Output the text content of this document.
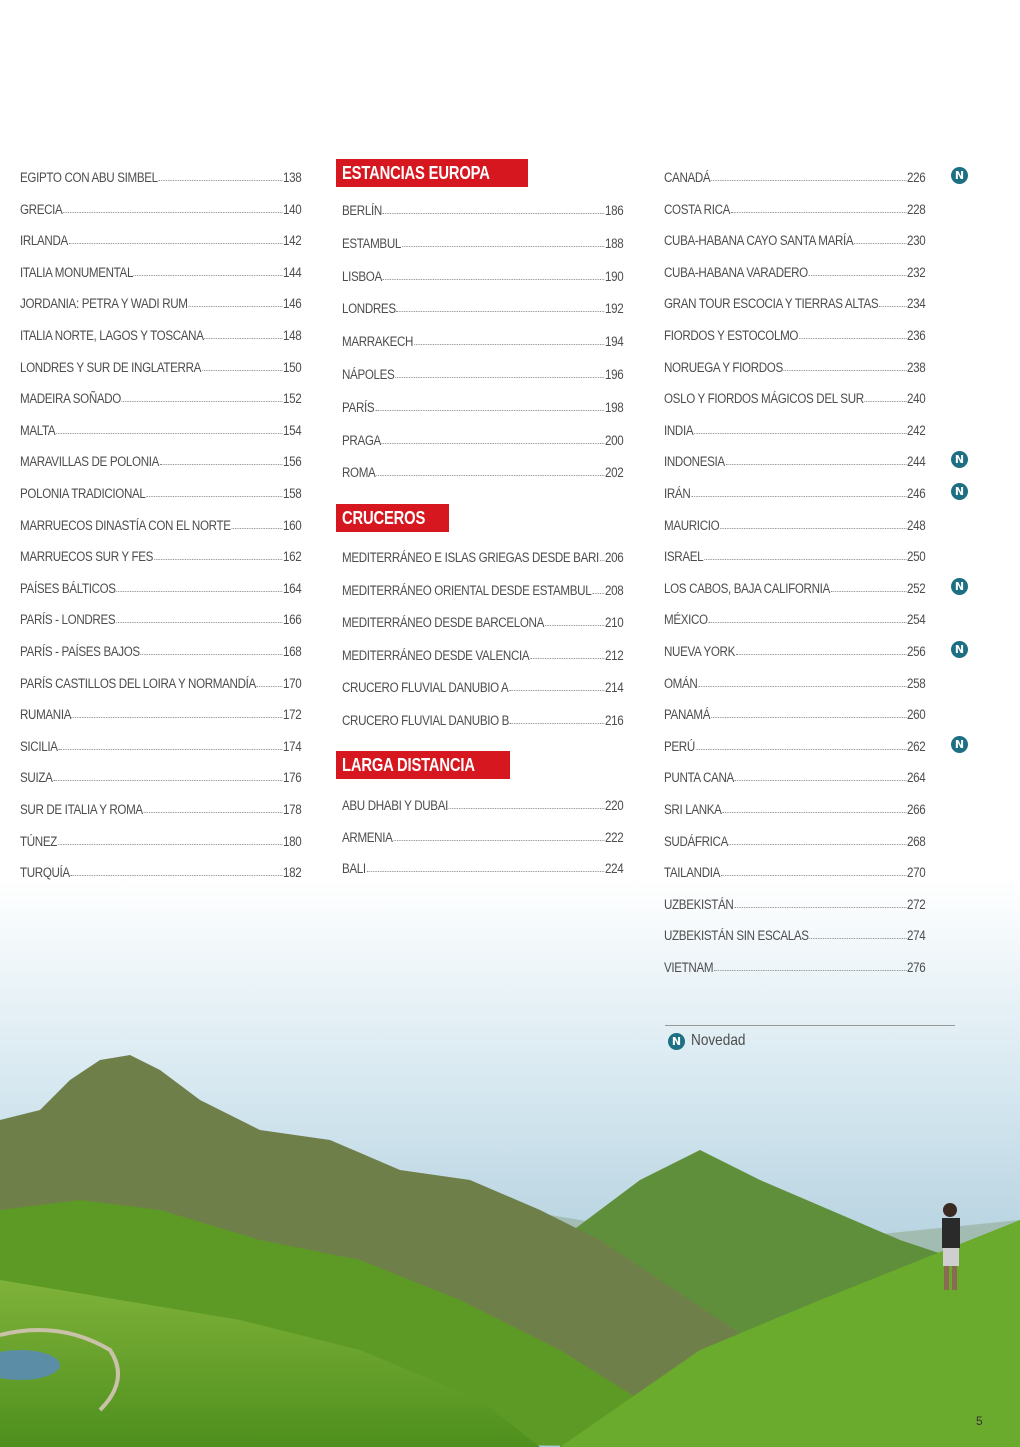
EGIPTO CON ABU SIMBEL	138
GRECIA	140
IRLANDA	142
ITALIA MONUMENTAL	144
JORDANIA: PETRA Y WADI RUM	146
ITALIA NORTE, LAGOS Y TOSCANA	148
LONDRES Y SUR DE INGLATERRA	150
MADEIRA SOÑADO	152
MALTA	154
MARAVILLAS DE POLONIA	156
POLONIA TRADICIONAL	158
MARRUECOS DINASTÍA CON EL NORTE	160
MARRUECOS SUR Y FES	162
PAÍSES BÁLTICOS	164
PARÍS - LONDRES	166
PARÍS - PAÍSES BAJOS	168
PARÍS CASTILLOS DEL LOIRA Y NORMANDÍA 170
RUMANIA	172
SICILIA	174
SUIZA	176
SUR DE ITALIA Y ROMA	178
TÚNEZ	180
TURQUÍA	182
ESTANCIAS EUROPA
CRUCEROS
LARGA DISTANCIA
BERLÍN	186
ESTAMBUL	188
LISBOA	190
LONDRES	192
MARRAKECH	194
NÁPOLES	196
PARÍS	198
PRAGA	200
ROMA	202
MEDITERRÁNEO E ISLAS GRIEGAS DESDE BARI 206
MEDITERRÁNEO ORIENTAL DESDE ESTAMBUL 208
MEDITERRÁNEO DESDE BARCELONA	210
MEDITERRÁNEO DESDE VALENCIA	212
CRUCERO FLUVIAL DANUBIO A	214
CRUCERO FLUVIAL DANUBIO B	216
ABU DHABI Y DUBAI	220
ARMENIA	222
BALI	224
CANADÁ	226	N
COSTA RICA	228
CUBA-HABANA CAYO SANTA MARÍA	230
CUBA-HABANA VARADERO	232
GRAN TOUR ESCOCIA Y TIERRAS ALTAS 234
FIORDOS Y ESTOCOLMO	236
NORUEGA Y FIORDOS	238
OSLO Y FIORDOS MÁGICOS DEL SUR	240
INDIA	242
INDONESIA	244	N
IRÁN	246	N
MAURICIO	248
ISRAEL	250
LOS CABOS, BAJA CALIFORNIA	252	N
MÉXICO	254
NUEVA YORK	256	N
OMÁN	258
PANAMÁ	260
PERÚ	262	N
PUNTA CANA	264
SRI LANKA	266
SUDÁFRICA	268
TAILANDIA	270
UZBEKISTÁN	272
UZBEKISTÁN SIN ESCALAS	274
VIETNAM	276
N Novedad
5
